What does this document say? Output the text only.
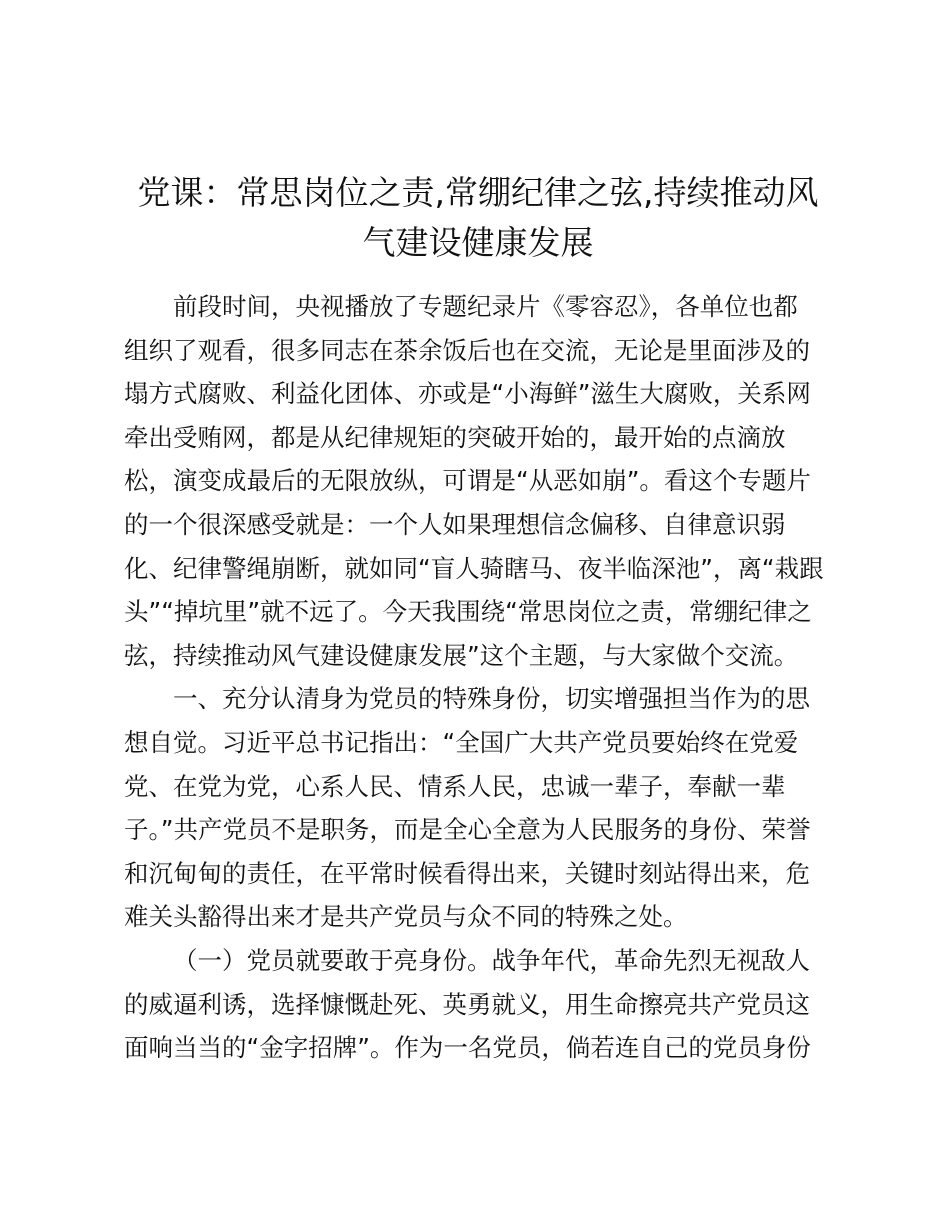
党课：常思岗位之责,常绷纪律之弦,持续推动风
气建设健康发展
前段时间，央视播放了专题纪录片《零容忍》，各单位也都
组织了观看，很多同志在茶余饭后也在交流，无论是里面涉及的
塌方式腐败、利益化团体、亦或是“小海鲜”滋生大腐败，关系网
牵出受贿网，都是从纪律规矩的突破开始的，最开始的点滴放
松，演变成最后的无限放纵，可谓是“从恶如崩”。看这个专题片
的一个很深感受就是：一个人如果理想信念偏移、自律意识弱
化、纪律警绳崩断，就如同“盲人骑瞎马、夜半临深池”，离“栽跟
头”“掉坑里”就不远了。今天我围绕“常思岗位之责，常绷纪律之
弦，持续推动风气建设健康发展”这个主题，与大家做个交流。
一、充分认清身为党员的特殊身份，切实增强担当作为的思
想自觉。习近平总书记指出：“全国广大共产党员要始终在党爱
党、在党为党，心系人民、情系人民，忠诚一辈子，奉献一辈
子。”共产党员不是职务，而是全心全意为人民服务的身份、荣誉
和沉甸甸的责任，在平常时候看得出来，关键时刻站得出来，危
难关头豁得出来才是共产党员与众不同的特殊之处。
（一）党员就要敢于亮身份。战争年代，革命先烈无视敌人
的威逼利诱，选择慷慨赴死、英勇就义，用生命擦亮共产党员这
面响当当的“金字招牌”。作为一名党员，倘若连自己的党员身份
